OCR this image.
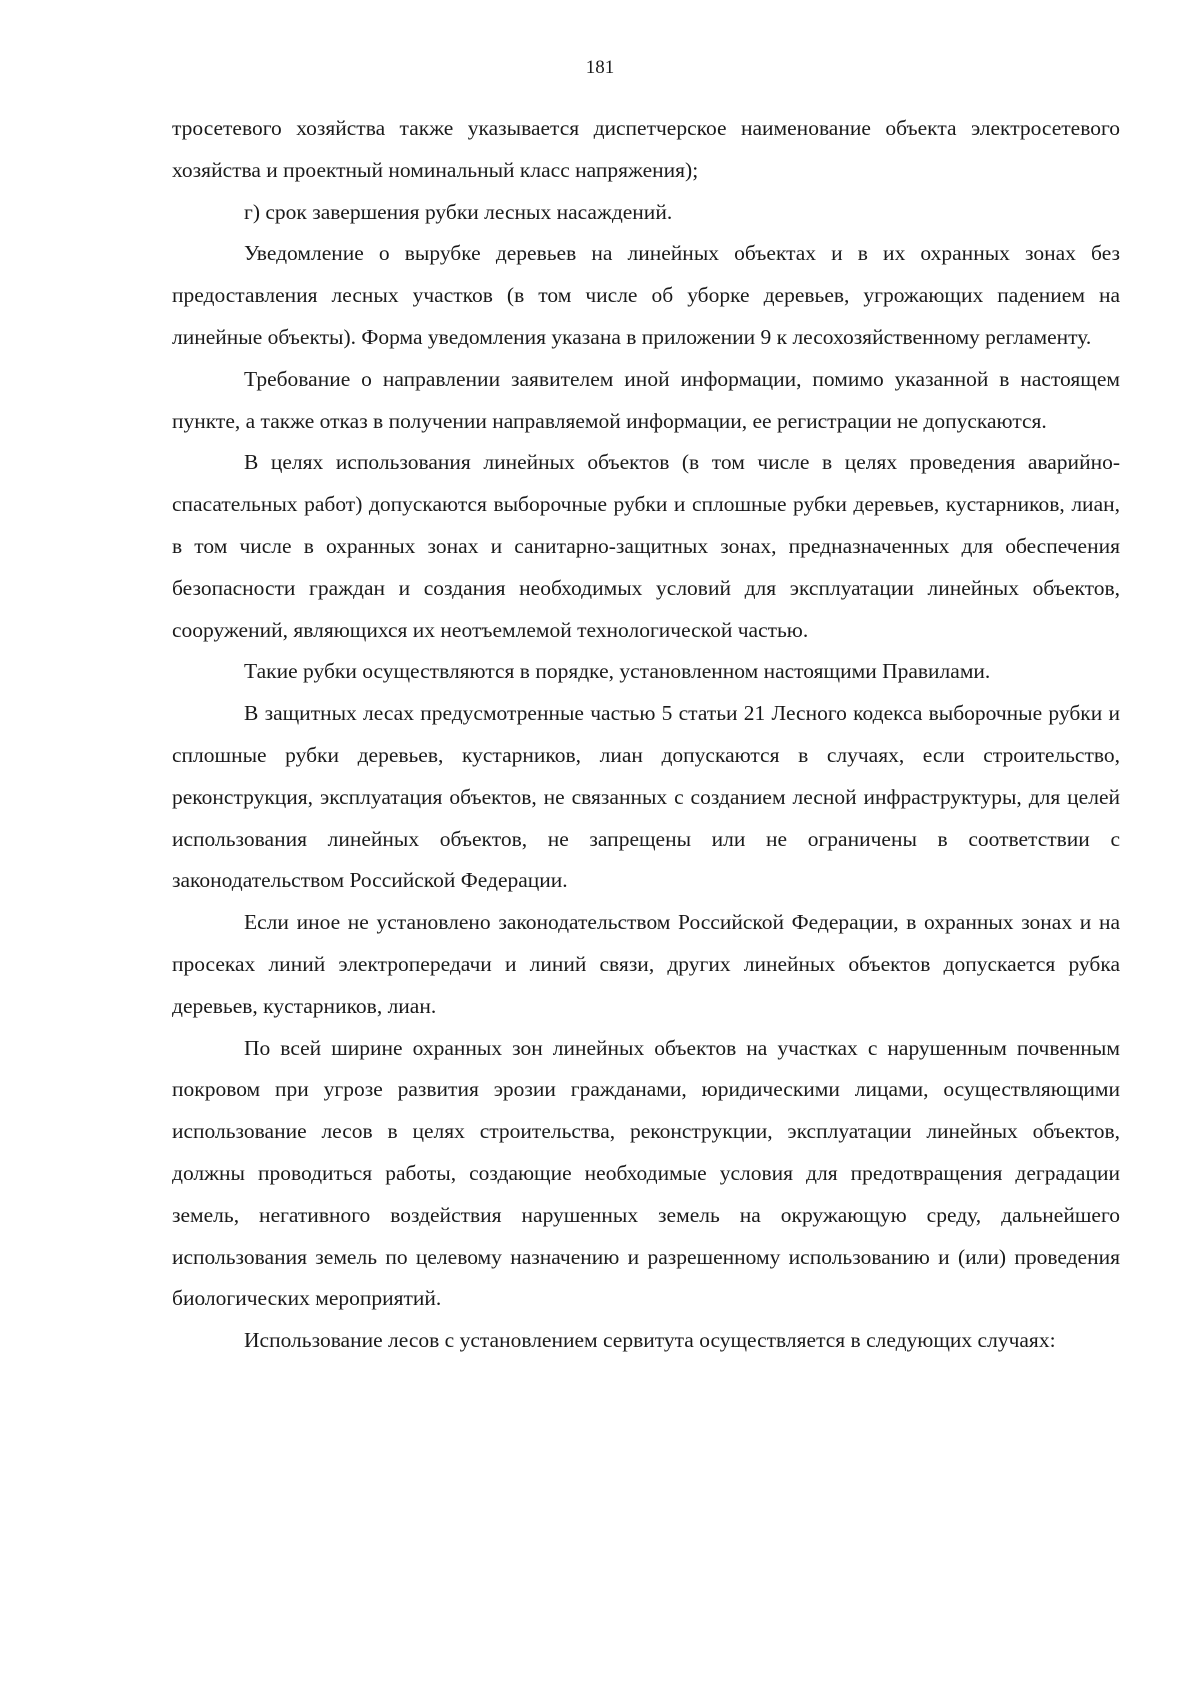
181

тросетевого хозяйства также указывается диспетчерское наименование объекта электросетевого хозяйства и проектный номинальный класс напряжения);

г) срок завершения рубки лесных насаждений.

Уведомление о вырубке деревьев на линейных объектах и в их охранных зонах без предоставления лесных участков (в том числе об уборке деревьев, угрожающих падением на линейные объекты). Форма уведомления указана в приложении 9 к лесохозяйственному регламенту.

Требование о направлении заявителем иной информации, помимо указанной в настоящем пункте, а также отказ в получении направляемой информации, ее регистрации не допускаются.

В целях использования линейных объектов (в том числе в целях проведения аварийно-спасательных работ) допускаются выборочные рубки и сплошные рубки деревьев, кустарников, лиан, в том числе в охранных зонах и санитарно-защитных зонах, предназначенных для обеспечения безопасности граждан и создания необходимых условий для эксплуатации линейных объектов, сооружений, являющихся их неотъемлемой технологической частью.

Такие рубки осуществляются в порядке, установленном настоящими Правилами.

В защитных лесах предусмотренные частью 5 статьи 21 Лесного кодекса выборочные рубки и сплошные рубки деревьев, кустарников, лиан допускаются в случаях, если строительство, реконструкция, эксплуатация объектов, не связанных с созданием лесной инфраструктуры, для целей использования линейных объектов, не запрещены или не ограничены в соответствии с законодательством Российской Федерации.

Если иное не установлено законодательством Российской Федерации, в охранных зонах и на просеках линий электропередачи и линий связи, других линейных объектов допускается рубка деревьев, кустарников, лиан.

По всей ширине охранных зон линейных объектов на участках с нарушенным почвенным покровом при угрозе развития эрозии гражданами, юридическими лицами, осуществляющими использование лесов в целях строительства, реконструкции, эксплуатации линейных объектов, должны проводиться работы, создающие необходимые условия для предотвращения деградации земель, негативного воздействия нарушенных земель на окружающую среду, дальнейшего использования земель по целевому назначению и разрешенному использованию и (или) проведения биологических мероприятий.

Использование лесов с установлением сервитута осуществляется в следующих случаях:
